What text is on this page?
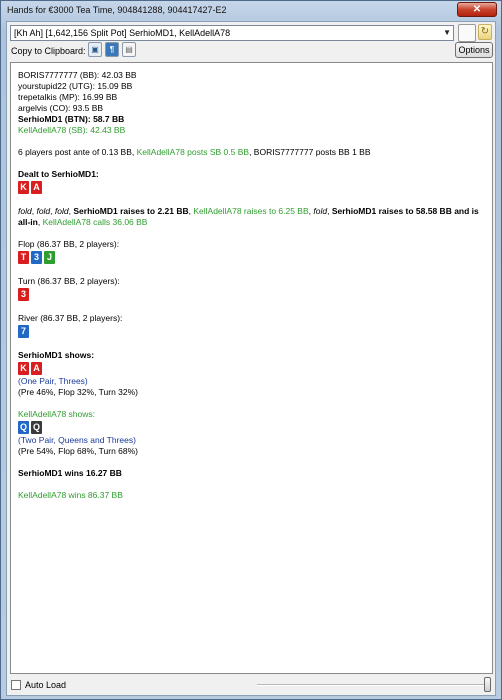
Hands for €3000 Tea Time, 904841288, 904417427-E2	✕
[Kh Ah] [1,642,156 Split Pot] SerhioMD1, KellAdellA78	▼	↻
Copy to Clipboard: ▣	¶	▤	Options
BORIS7777777 (BB): 42.03 BB
yourstupid22 (UTG): 15.09 BB
trepetalkis (MP): 16.99 BB
argelvis (CO): 93.5 BB
SerhioMD1 (BTN): 58.7 BB
KellAdellA78 (SB): 42.43 BB
6 players post ante of 0.13 BB, KellAdellA78 posts SB 0.5 BB, BORIS7777777 posts BB 1 BB
Dealt to SerhioMD1:
K A
fold, fold, fold, SerhioMD1 raises to 2.21 BB, KellAdellA78 raises to 6.25 BB, fold, SerhioMD1 raises to 58.58 BB and is all-in, KellAdellA78 calls 36.06 BB
Flop (86.37 BB, 2 players):
T 3 J
Turn (86.37 BB, 2 players):
3
River (86.37 BB, 2 players):
7
SerhioMD1 shows:
K A
(One Pair, Threes)
(Pre 46%, Flop 32%, Turn 32%)
KellAdellA78 shows:
Q Q
(Two Pair, Queens and Threes)
(Pre 54%, Flop 68%, Turn 68%)
SerhioMD1 wins 16.27 BB
KellAdellA78 wins 86.37 BB
Auto Load
